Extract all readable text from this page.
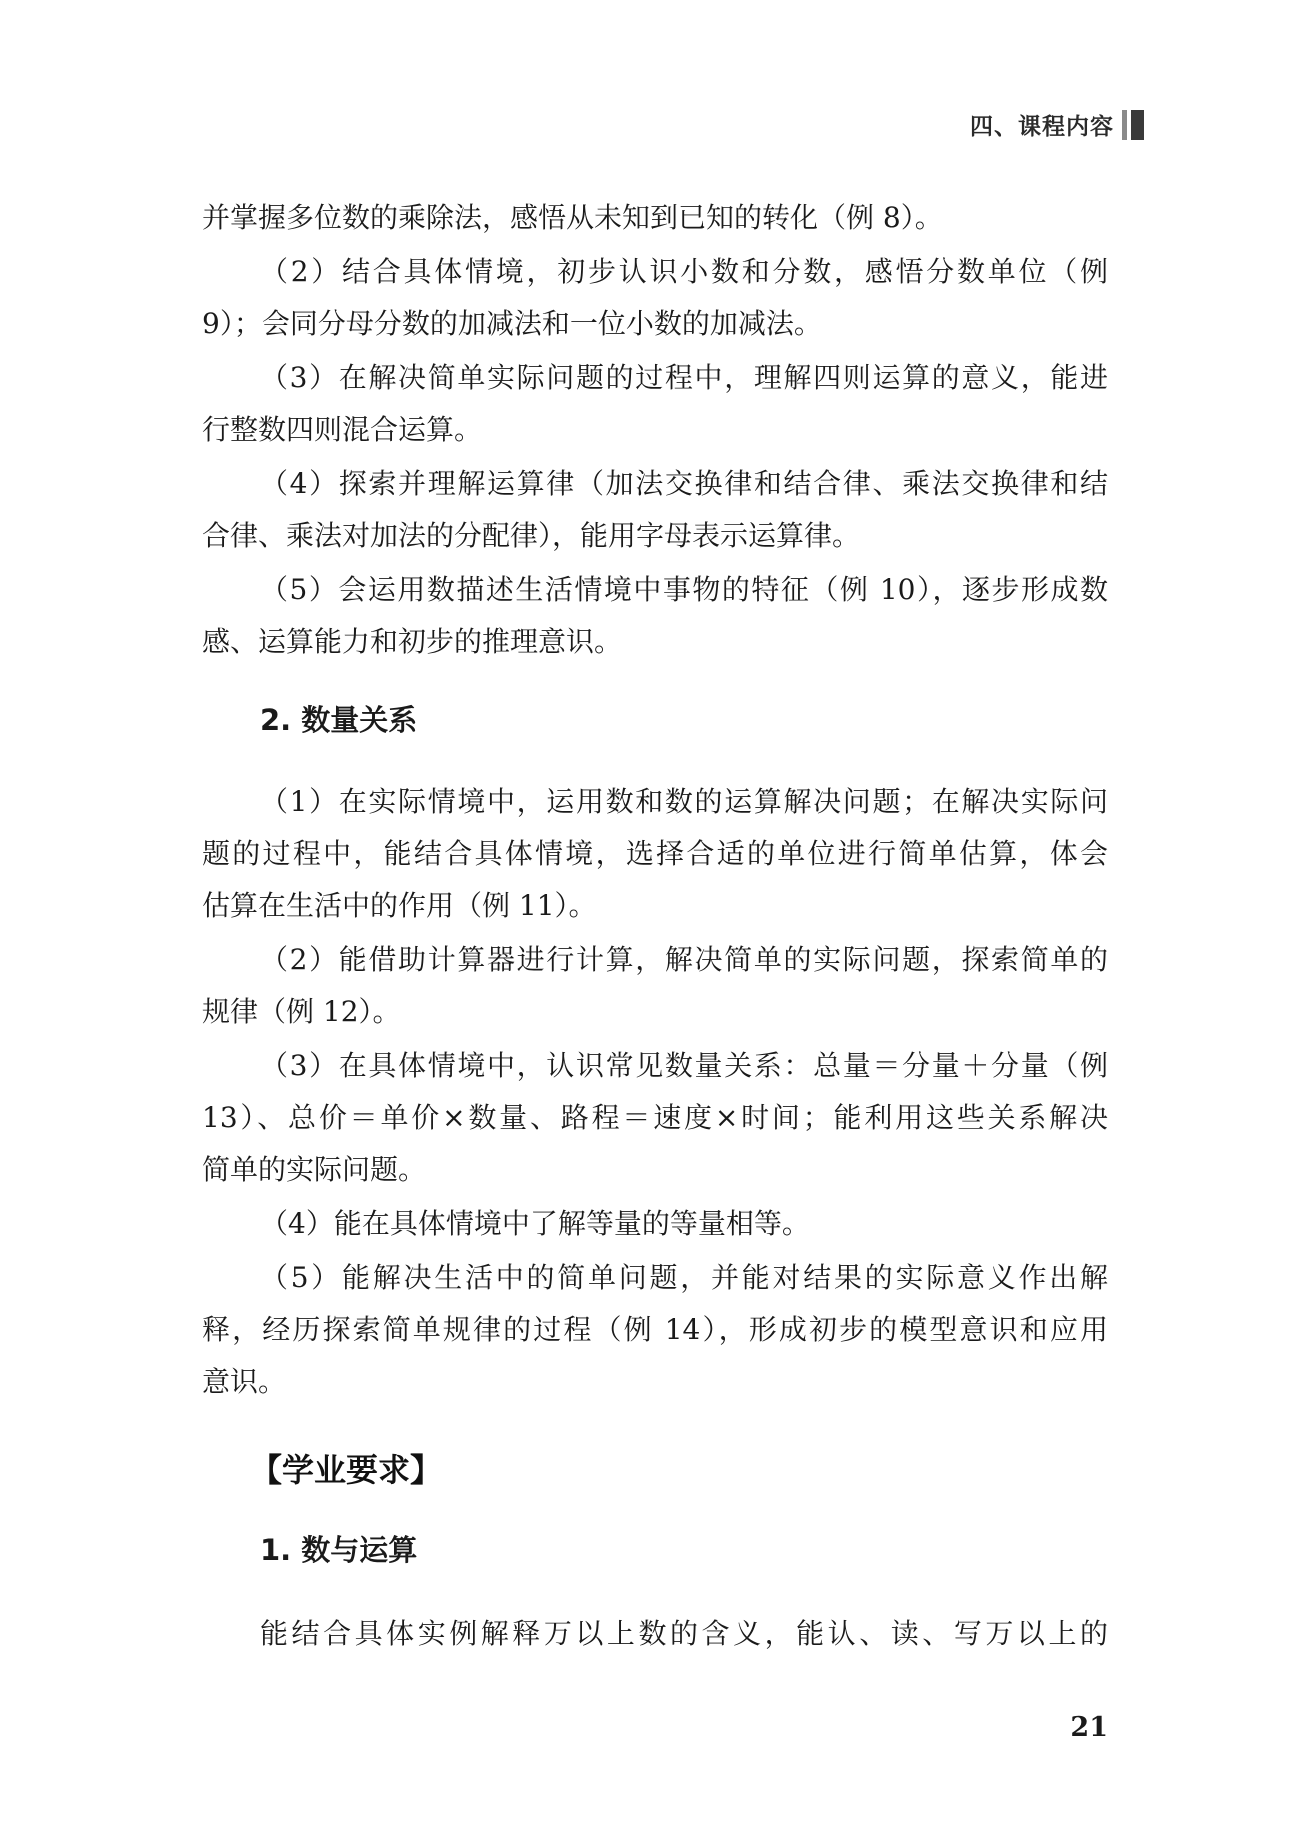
四、课程内容
并掌握多位数的乘除法，感悟从未知到已知的转化（例 8）。
（2）结合具体情境，初步认识小数和分数，感悟分数单位（例
9）；会同分母分数的加减法和一位小数的加减法。
（3）在解决简单实际问题的过程中，理解四则运算的意义，能进
行整数四则混合运算。
（4）探索并理解运算律（加法交换律和结合律、乘法交换律和结
合律、乘法对加法的分配律），能用字母表示运算律。
（5）会运用数描述生活情境中事物的特征（例 10），逐步形成数
感、运算能力和初步的推理意识。
2. 数量关系
（1）在实际情境中，运用数和数的运算解决问题；在解决实际问
题的过程中，能结合具体情境，选择合适的单位进行简单估算，体会
估算在生活中的作用（例 11）。
（2）能借助计算器进行计算，解决简单的实际问题，探索简单的
规律（例 12）。
（3）在具体情境中，认识常见数量关系：总量＝分量＋分量（例
13）、总价＝单价×数量、路程＝速度×时间；能利用这些关系解决
简单的实际问题。
（4）能在具体情境中了解等量的等量相等。
（5）能解决生活中的简单问题，并能对结果的实际意义作出解
释，经历探索简单规律的过程（例 14），形成初步的模型意识和应用
意识。
【学业要求】
1. 数与运算
能结合具体实例解释万以上数的含义，能认、读、写万以上的
21
